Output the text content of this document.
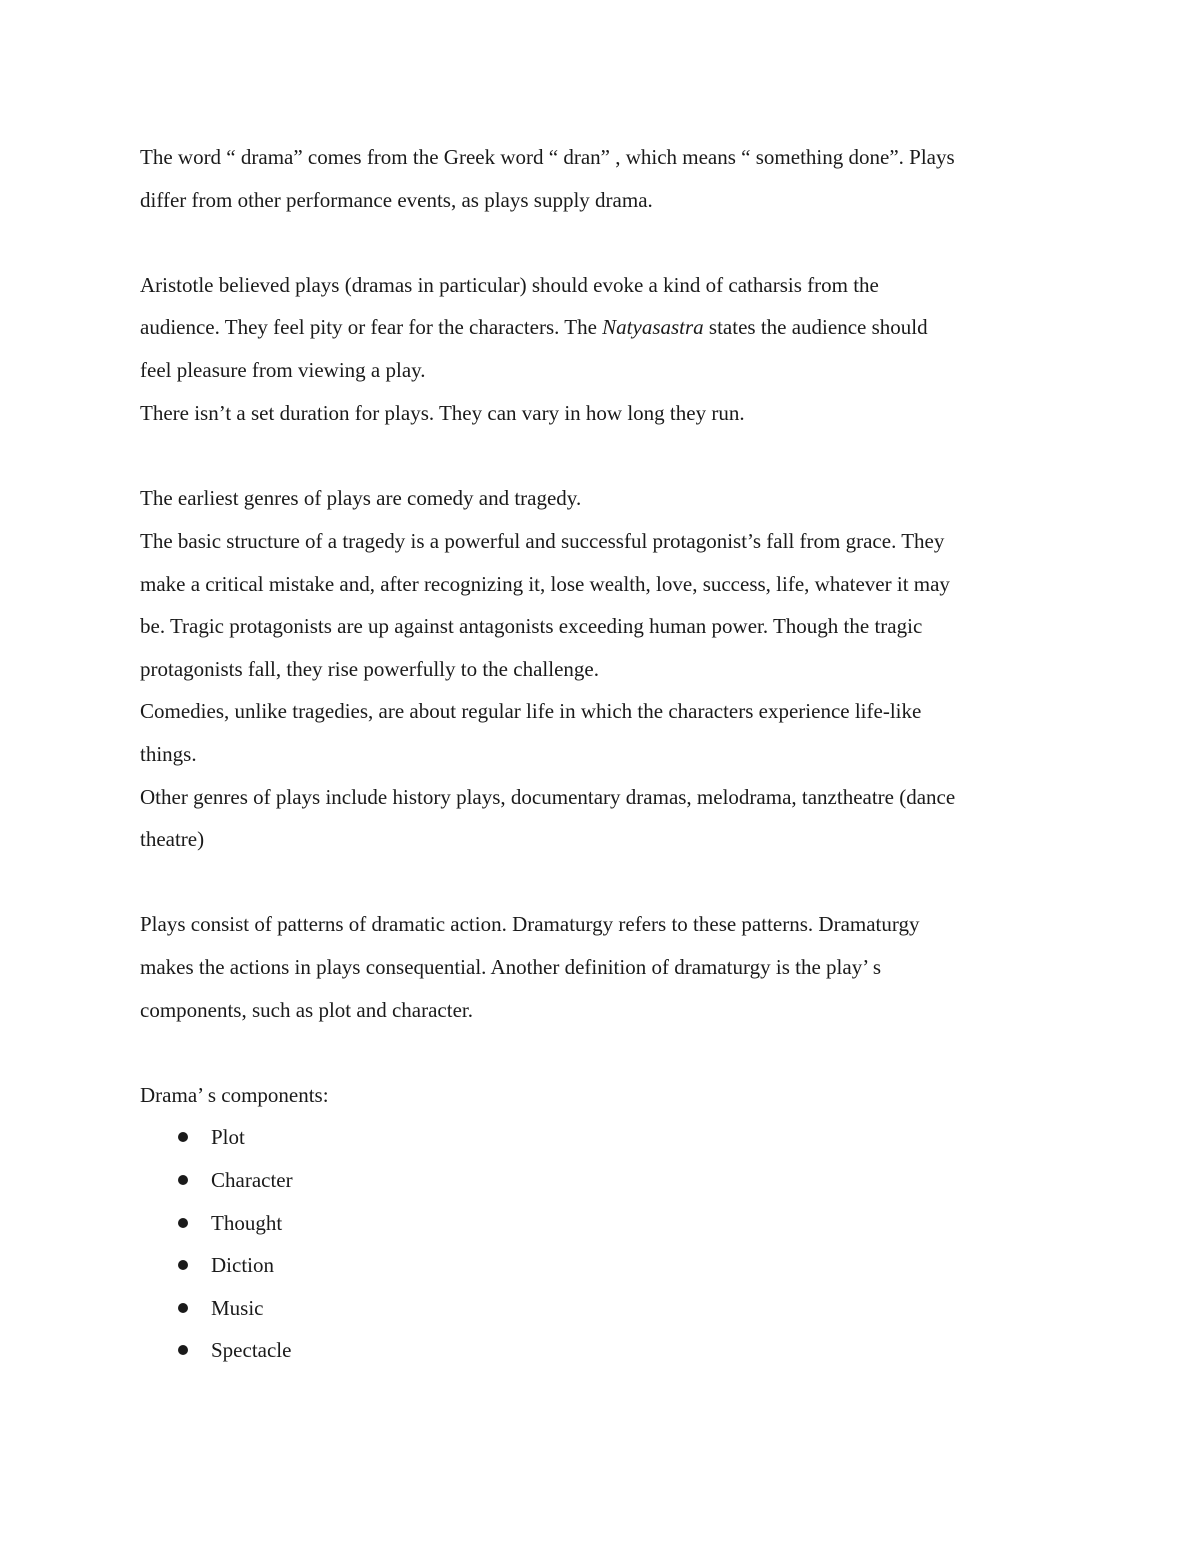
The word “ drama” comes from the Greek word “ dran” , which means “ something done”. Plays
differ from other performance events, as plays supply drama.
Aristotle believed plays (dramas in particular) should evoke a kind of catharsis from the
audience. They feel pity or fear for the characters. The Natyasastra states the audience should
feel pleasure from viewing a play.
There isn’t a set duration for plays. They can vary in how long they run.
The earliest genres of plays are comedy and tragedy.
The basic structure of a tragedy is a powerful and successful protagonist’s fall from grace. They
make a critical mistake and, after recognizing it, lose wealth, love, success, life, whatever it may
be. Tragic protagonists are up against antagonists exceeding human power. Though the tragic
protagonists fall, they rise powerfully to the challenge.
Comedies, unlike tragedies, are about regular life in which the characters experience life-like
things.
Other genres of plays include history plays, documentary dramas, melodrama, tanztheatre (dance
theatre)
Plays consist of patterns of dramatic action. Dramaturgy refers to these patterns. Dramaturgy
makes the actions in plays consequential. Another definition of dramaturgy is the play’ s
components, such as plot and character.
Drama’ s components:
Plot
Character
Thought
Diction
Music
Spectacle
